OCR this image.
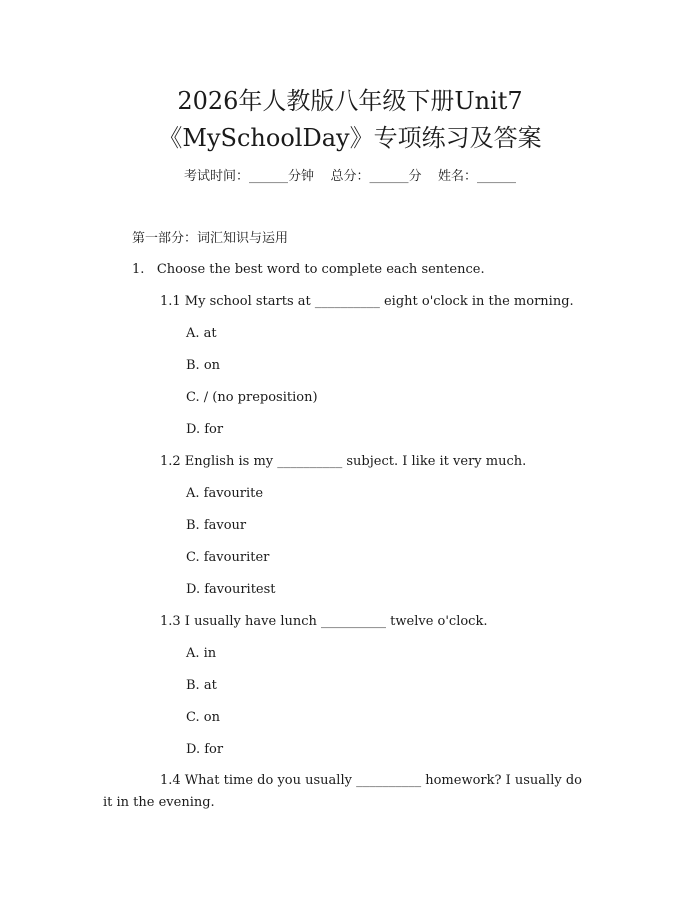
2026年人教版八年级下册Unit7
《MySchoolDay》专项练习及答案
考试时间：______分钟    总分：______分    姓名：______
第一部分：词汇知识与运用
1. Choose the best word to complete each sentence.
1.1 My school starts at __________ eight o'clock in the morning.
A. at
B. on
C. / (no preposition)
D. for
1.2 English is my __________ subject. I like it very much.
A. favourite
B. favour
C. favouriter
D. favouritest
1.3 I usually have lunch __________ twelve o'clock.
A. in
B. at
C. on
D. for
1.4 What time do you usually __________ homework? I usually do it in the evening.
